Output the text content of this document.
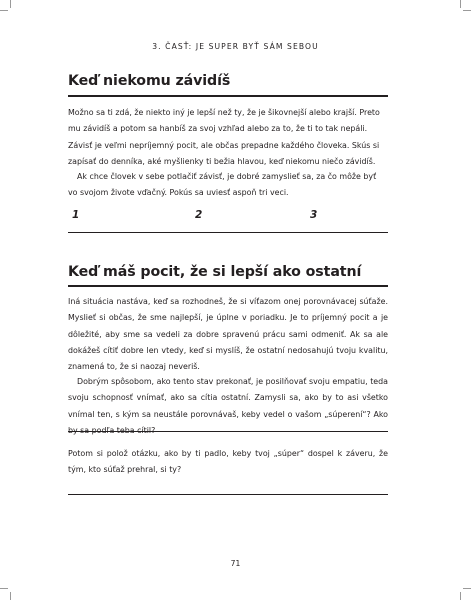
3. ČASŤ: JE SUPER BYŤ SÁM SEBOU
Keď niekomu závidíš

Možno sa ti zdá, že niekto iný je lepší než ty, že je šikovnejší alebo krajší. Preto mu závidíš a potom sa hanbíš za svoj vzhľad alebo za to, že ti to tak nepáli. Závisť je veľmi nepríjemný pocit, ale občas prepadne každého človeka. Skús si zapísať do denníka, aké myšlienky ti bežia hlavou, keď niekomu niečo závidíš.

Ak chce človek v sebe potlačiť závisť, je dobré zamyslieť sa, za čo môže byť vo svojom živote vďačný. Pokús sa uviesť aspoň tri veci.

1	2	3
Keď máš pocit, že si lepší ako ostatní

Iná situácia nastáva, keď sa rozhodneš, že si víťazom onej porovnávacej súťaže. Myslieť si občas, že sme najlepší, je úplne v poriadku. Je to príjemný pocit a je dôležité, aby sme sa vedeli za dobre spravenú prácu sami odmeniť. Ak sa ale dokážeš cítiť dobre len vtedy, keď si myslíš, že ostatní nedosahujú tvoju kvalitu, znamená to, že si naozaj neverіš.

Dobrým spôsobom, ako tento stav prekonať, je posilňovať svoju empatiu, teda svoju schopnosť vnímať, ako sa cítia ostatní. Zamysli sa, ako by to asi všetko vnímal ten, s kým sa neustále porovnávaš, keby vedel o vašom „súperení“? Ako

Potom si polož otázku, ako by ti padlo, keby tvoj „súper“ dospel k záveru, že tým, kto súťaž prehral, si ty?

71
